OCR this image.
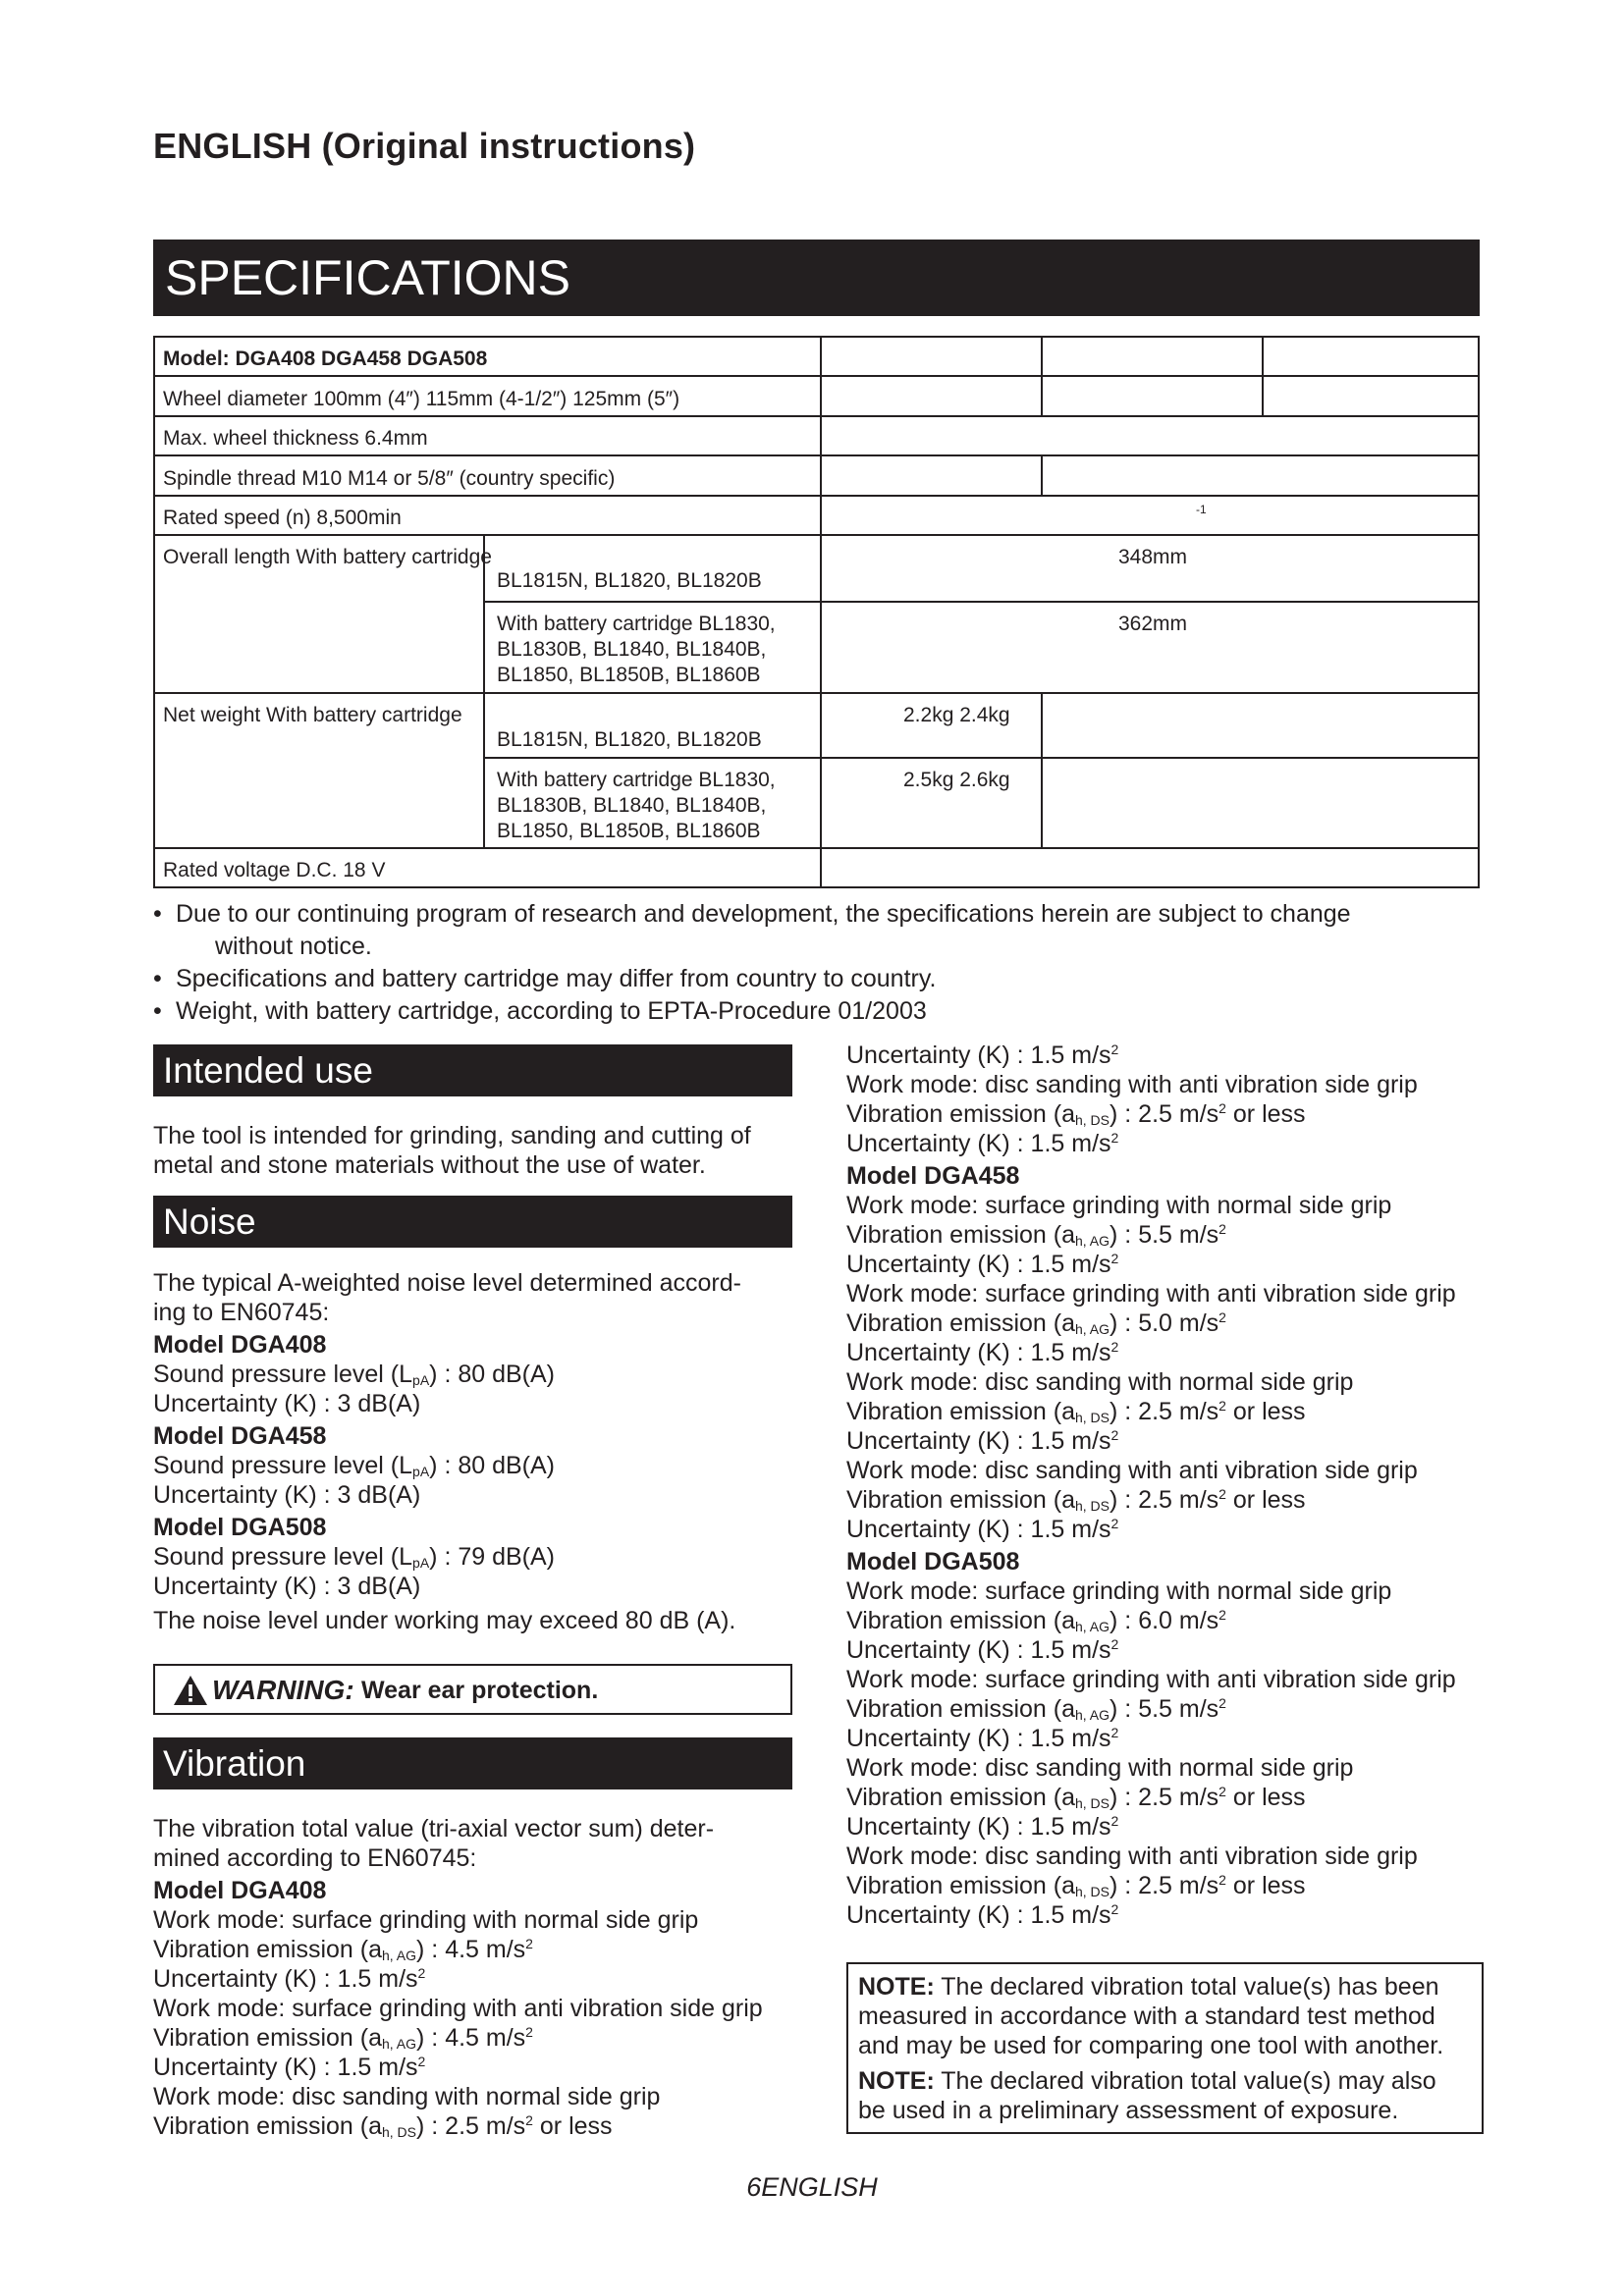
ENGLISH (Original instructions)
SPECIFICATIONS
Model: DGA408 DGA458 DGA508
Wheel diameter 100mm (4″) 115mm (4-1/2″) 125mm (5″)
Max. wheel thickness 6.4mm
Spindle thread M10 M14 or 5/8″ (country specific)
Rated speed (n) 8,500min	-1
Overall length With battery cartridge
BL1815N, BL1820, BL1820B
348mm
With battery cartridge BL1830,
BL1830B, BL1840, BL1840B,
BL1850, BL1850B, BL1860B
362mm
Net weight With battery cartridge
BL1815N, BL1820, BL1820B
2.2kg 2.4kg
With battery cartridge BL1830,
BL1830B, BL1840, BL1840B,
BL1850, BL1850B, BL1860B
2.5kg 2.6kg
Rated voltage D.C. 18 V
• Due to our continuing program of research and development, the specifications herein are subject to change
without notice.
• Specifications and battery cartridge may differ from country to country.
• Weight, with battery cartridge, according to EPTA-Procedure 01/2003
Intended use
The tool is intended for grinding, sanding and cutting of
metal and stone materials without the use of water.
Noise
The typical A-weighted noise level determined accord-
ing to EN60745:
Model DGA408
Sound pressure level $(L_{pA})$ : 80 dB(A)
Uncertainty (K) : 3 dB(A)
Model DGA458
Sound pressure level $(L_{pA})$ : 80 dB(A)
Uncertainty (K) : 3 dB(A)
Model DGA508
Sound pressure level $(L_{pA})$ : 79 dB(A)
Uncertainty (K) : 3 dB(A)
The noise level under working may exceed 80 dB (A).
WARNING: Wear ear protection.
Vibration
The vibration total value (tri-axial vector sum) deter-
mined according to EN60745:
Model DGA408
Work mode: surface grinding with normal side grip
Vibration emission $(a_{h, AG})$ : 4.5 $m/s^2$
Uncertainty (K) : 1.5 $m/s^2$
Work mode: surface grinding with anti vibration side grip
Vibration emission $(a_{h, AG})$ : 4.5 $m/s^2$
Uncertainty (K) : 1.5 $m/s^2$
Work mode: disc sanding with normal side grip
Vibration emission $(a_{h, DS})$ : 2.5 $m/s^2$ or less
Uncertainty (K) : 1.5 $m/s^2$
Work mode: disc sanding with anti vibration side grip
Vibration emission $(a_{h, DS})$ : 2.5 $m/s^2$ or less
Uncertainty (K) : 1.5 $m/s^2$
Model DGA458
Work mode: surface grinding with normal side grip
Vibration emission $(a_{h, AG})$ : 5.5 $m/s^2$
Uncertainty (K) : 1.5 $m/s^2$
Work mode: surface grinding with anti vibration side grip
Vibration emission $(a_{h, AG})$ : 5.0 $m/s^2$
Uncertainty (K) : 1.5 $m/s^2$
Work mode: disc sanding with normal side grip
Vibration emission $(a_{h, DS})$ : 2.5 $m/s^2$ or less
Uncertainty (K) : 1.5 $m/s^2$
Work mode: disc sanding with anti vibration side grip
Vibration emission $(a_{h, DS})$ : 2.5 $m/s^2$ or less
Uncertainty (K) : 1.5 $m/s^2$
Model DGA508
Work mode: surface grinding with normal side grip
Vibration emission $(a_{h, AG})$ : 6.0 $m/s^2$
Uncertainty (K) : 1.5 $m/s^2$
Work mode: surface grinding with anti vibration side grip
Vibration emission $(a_{h, AG})$ : 5.5 $m/s^2$
Uncertainty (K) : 1.5 $m/s^2$
Work mode: disc sanding with normal side grip
Vibration emission $(a_{h, DS})$ : 2.5 $m/s^2$ or less
Uncertainty (K) : 1.5 $m/s^2$
Work mode: disc sanding with anti vibration side grip
Vibration emission $(a_{h, DS})$ : 2.5 $m/s^2$ or less
Uncertainty (K) : 1.5 $m/s^2$

NOTE: The declared vibration total value(s) has been
measured in accordance with a standard test method
and may be used for comparing one tool with another.

NOTE: The declared vibration total value(s) may also
be used in a preliminary assessment of exposure.

6ENGLISH
